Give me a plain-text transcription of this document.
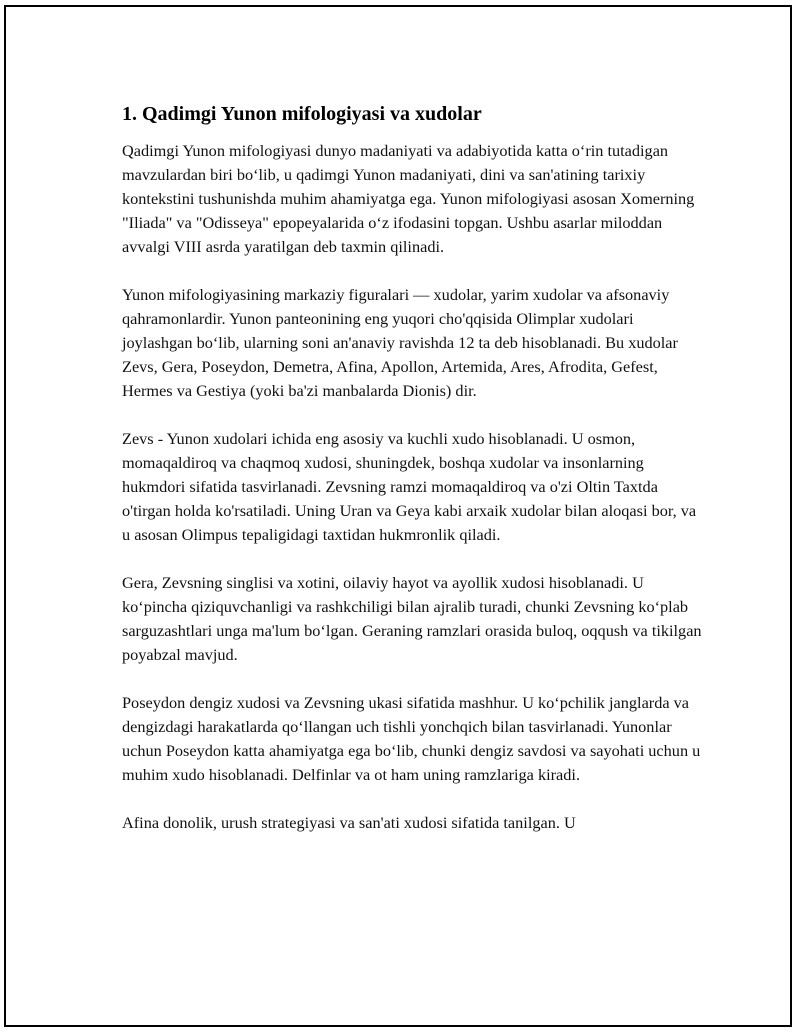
1. Qadimgi Yunon mifologiyasi va xudolar

Qadimgi Yunon mifologiyasi dunyo madaniyati va adabiyotida katta o‘rin tutadigan mavzulardan biri bo‘lib, u qadimgi Yunon madaniyati, dini va san'atining tarixiy kontekstini tushunishda muhim ahamiyatga ega. Yunon mifologiyasi asosan Xomerning "Iliada" va "Odisseya" epopeyalarida o‘z ifodasini topgan. Ushbu asarlar miloddan avvalgi VIII asrda yaratilgan deb taxmin qilinadi.

Yunon mifologiyasining markaziy figuralari — xudolar, yarim xudolar va afsonaviy qahramonlardir. Yunon panteonining eng yuqori cho'qqisida Olimplar xudolari joylashgan bo‘lib, ularning soni an'anaviy ravishda 12 ta deb hisoblanadi. Bu xudolar Zevs, Gera, Poseydon, Demetra, Afina, Apollon, Artemida, Ares, Afrodita, Gefest, Hermes va Gestiya (yoki ba'zi manbalarda Dionis) dir.

Zevs - Yunon xudolari ichida eng asosiy va kuchli xudo hisoblanadi. U osmon, momaqaldiroq va chaqmoq xudosi, shuningdek, boshqa xudolar va insonlarning hukmdori sifatida tasvirlanadi. Zevsning ramzi momaqaldiroq va o'zi Oltin Taxtda o'tirgan holda ko'rsatiladi. Uning Uran va Geya kabi arxaik xudolar bilan aloqasi bor, va u asosan Olimpus tepaligidagi taxtidan hukmronlik qiladi.

Gera, Zevsning singlisi va xotini, oilaviy hayot va ayollik xudosi hisoblanadi. U ko‘pincha qiziquvchanligi va rashkchiligi bilan ajralib turadi, chunki Zevsning ko‘plab sarguzashtlari unga ma'lum bo‘lgan. Geraning ramzlari orasida buloq, oqqush va tikilgan poyabzal mavjud.

Poseydon dengiz xudosi va Zevsning ukasi sifatida mashhur. U ko‘pchilik janglarda va dengizdagi harakatlarda qo‘llangan uch tishli yonchqich bilan tasvirlanadi. Yunonlar uchun Poseydon katta ahamiyatga ega bo‘lib, chunki dengiz savdosi va sayohati uchun u muhim xudo hisoblanadi. Delfinlar va ot ham uning ramzlariga kiradi.

Afina donolik, urush strategiyasi va san'ati xudosi sifatida tanilgan. U
